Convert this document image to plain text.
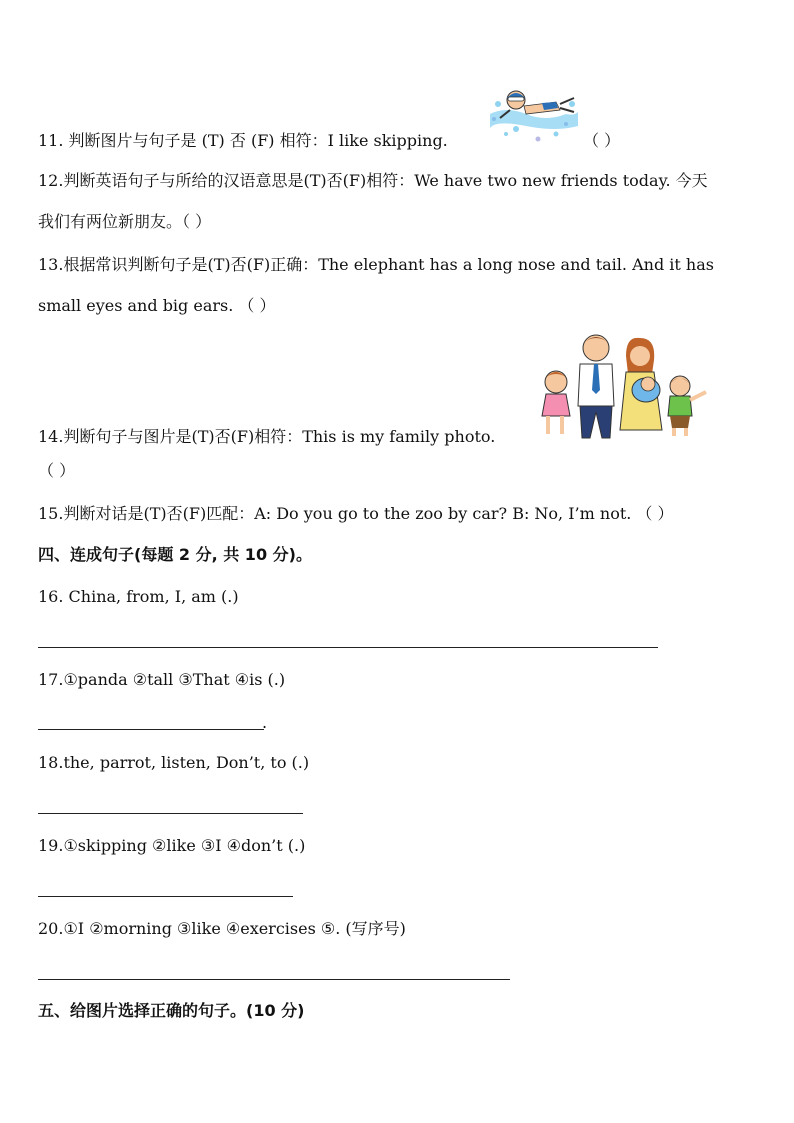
11. 判断图片与句子是 (T) 否 (F) 相符：I like skipping.	（ ）
12.判断英语句子与所给的汉语意思是(T)否(F)相符：We have two new friends today. 今天
我们有两位新朋友。（ ）
13.根据常识判断句子是(T)否(F)正确：The elephant has a long nose and tail. And it has
small eyes and big ears. （ ）
14.判断句子与图片是(T)否(F)相符：This is my family photo.
（ ）
15.判断对话是(T)否(F)匹配：A: Do you go to the zoo by car? B: No, I’m not. （ ）
四、连成句子(每题 2 分, 共 10 分)。
16. China, from, I, am (.)
17.①panda ②tall ③That ④is (.)
.
18.the, parrot, listen, Don’t, to (.)
19.①skipping ②like ③I ④don’t (.)
20.①I ②morning ③like ④exercises ⑤. (写序号)
五、给图片选择正确的句子。(10 分)
